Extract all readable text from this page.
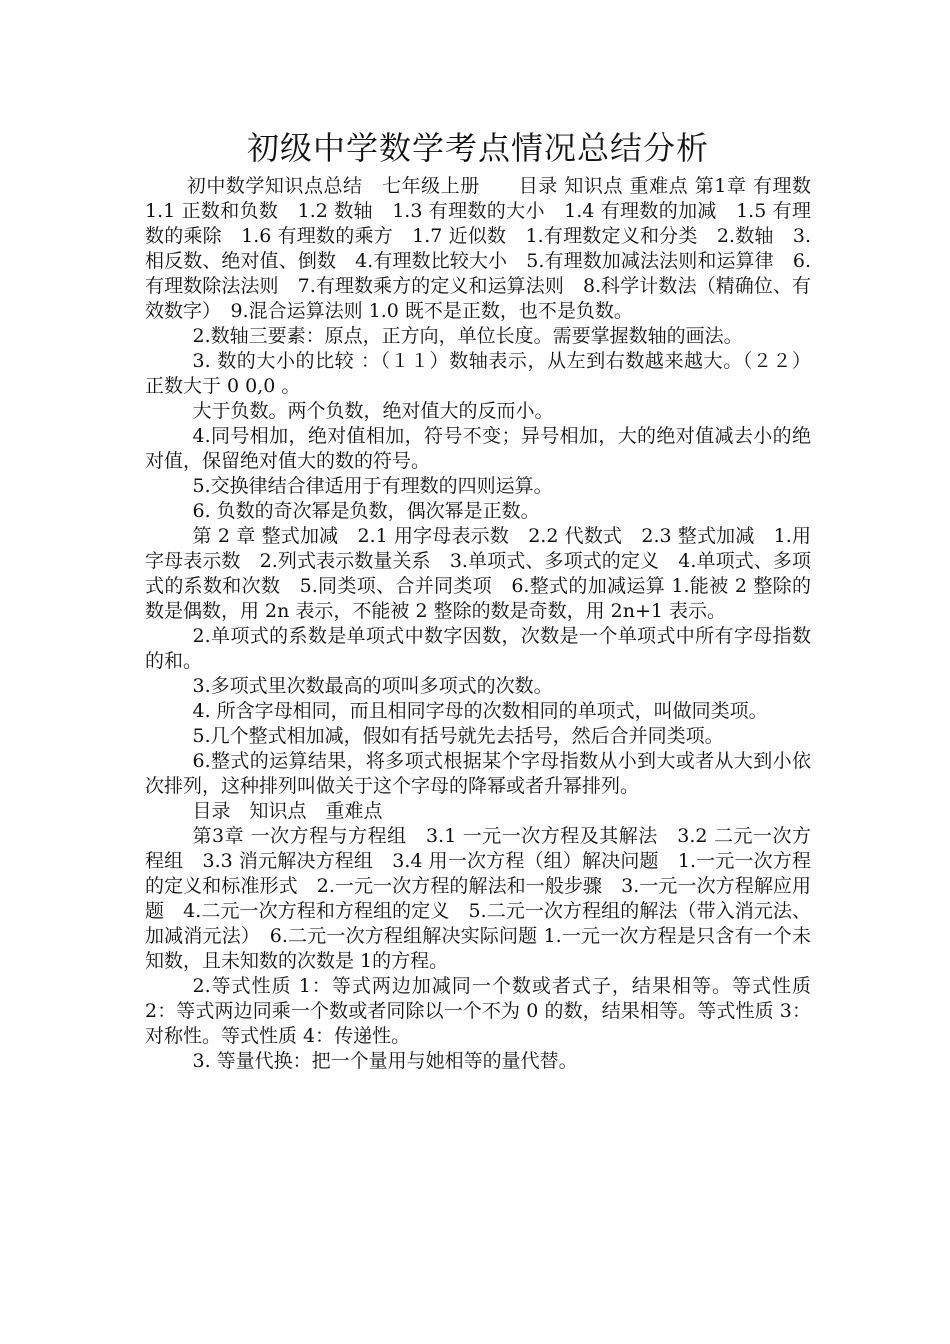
初级中学数学考点情况总结分析

初中数学知识点总结　七年级上册　　目录 知识点 重难点 第1章 有理数　1.1 正数和负数　1.2 数轴　1.3 有理数的大小　1.4 有理数的加减　1.5 有理数的乘除　1.6 有理数的乘方　1.7 近似数　1.有理数定义和分类　2.数轴　3.相反数、绝对值、倒数　4.有理数比较大小　5.有理数加减法法则和运算律　6.有理数除法法则　7.有理数乘方的定义和运算法则　8.科学计数法（精确位、有效数字）　9.混合运算法则 1.0 既不是正数，也不是负数。

2.数轴三要素：原点，正方向，单位长度。需要掌握数轴的画法。

3. 数的大小的比较 ：（１１）数轴表示，从左到右数越来越大。（２２）正数大于 0 0,0 。

大于负数。两个负数，绝对值大的反而小。

4.同号相加，绝对值相加，符号不变；异号相加，大的绝对值减去小的绝对值，保留绝对值大的数的符号。

5.交换律结合律适用于有理数的四则运算。

6. 负数的奇次幂是负数，偶次幂是正数。

第 2 章 整式加减　2.1 用字母表示数　2.2 代数式　2.3 整式加减　1.用字母表示数　2.列式表示数量关系　3.单项式、多项式的定义　4.单项式、多项式的系数和次数　5.同类项、合并同类项　6.整式的加减运算 1.能被 2 整除的数是偶数，用 2n 表示，不能被 2 整除的数是奇数，用 2n+1 表示。

2.单项式的系数是单项式中数字因数，次数是一个单项式中所有字母指数的和。

3.多项式里次数最高的项叫多项式的次数。

4. 所含字母相同，而且相同字母的次数相同的单项式，叫做同类项。

5.几个整式相加减，假如有括号就先去括号，然后合并同类项。

6.整式的运算结果，将多项式根据某个字母指数从小到大或者从大到小依次排列，这种排列叫做关于这个字母的降幂或者升幂排列。

目录　知识点　重难点

第3章 一次方程与方程组　3.1 一元一次方程及其解法　3.2 二元一次方程组　3.3 消元解决方程组　3.4 用一次方程（组）解决问题　1.一元一次方程的定义和标准形式　2.一元一次方程的解法和一般步骤　3.一元一次方程解应用题　4.二元一次方程和方程组的定义　5.二元一次方程组的解法（带入消元法、加减消元法）　6.二元一次方程组解决实际问题 1.一元一次方程是只含有一个未知数，且未知数的次数是 1的方程。

2.等式性质 1：等式两边加减同一个数或者式子，结果相等。等式性质 2：等式两边同乘一个数或者同除以一个不为 0 的数，结果相等。等式性质 3：对称性。等式性质 4：传递性。

3. 等量代换：把一个量用与她相等的量代替。
